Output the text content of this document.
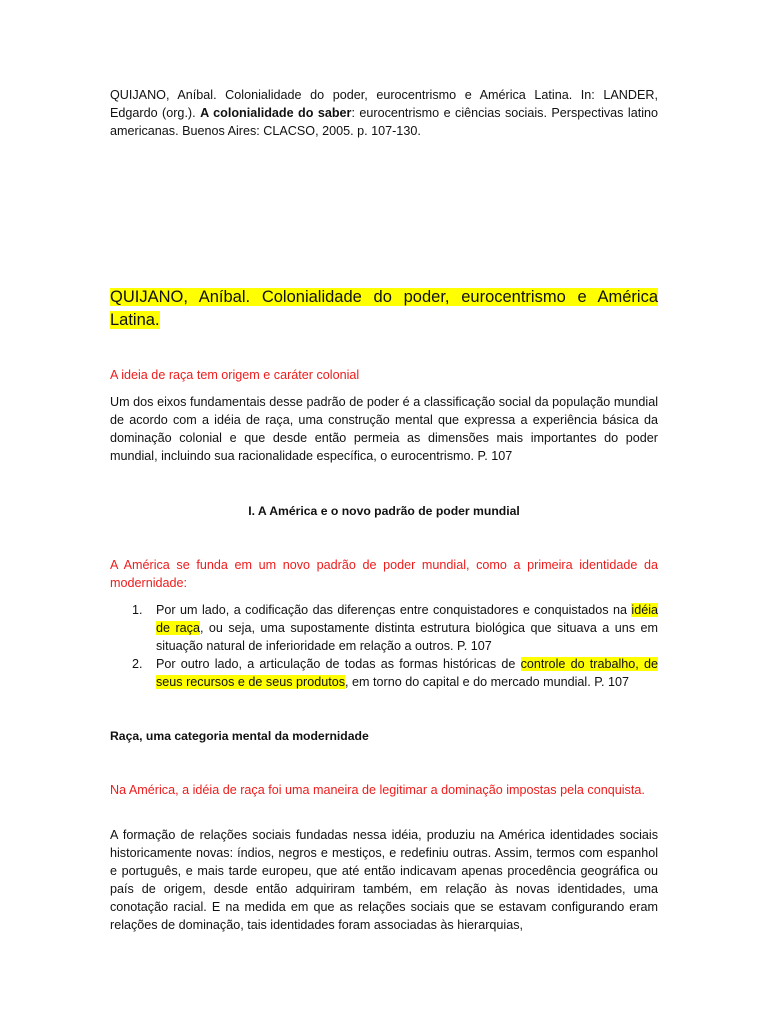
QUIJANO, Aníbal. Colonialidade do poder, eurocentrismo e América Latina. In: LANDER, Edgardo (org.). A colonialidade do saber: eurocentrismo e ciências sociais. Perspectivas latino americanas. Buenos Aires: CLACSO, 2005. p. 107-130.

QUIJANO, Aníbal. Colonialidade do poder, eurocentrismo e América Latina.

A ideia de raça tem origem e caráter colonial

Um dos eixos fundamentais desse padrão de poder é a classificação social da população mundial de acordo com a idéia de raça, uma construção mental que expressa a experiência básica da dominação colonial e que desde então permeia as dimensões mais importantes do poder mundial, incluindo sua racionalidade específica, o eurocentrismo. P. 107

I. A América e o novo padrão de poder mundial

A América se funda em um novo padrão de poder mundial, como a primeira identidade da modernidade:

1. Por um lado, a codificação das diferenças entre conquistadores e conquistados na idéia de raça, ou seja, uma supostamente distinta estrutura biológica que situava a uns em situação natural de inferioridade em relação a outros. P. 107
2. Por outro lado, a articulação de todas as formas históricas de controle do trabalho, de seus recursos e de seus produtos, em torno do capital e do mercado mundial. P. 107

Raça, uma categoria mental da modernidade

Na América, a idéia de raça foi uma maneira de legitimar a dominação impostas pela conquista.

A formação de relações sociais fundadas nessa idéia, produziu na América identidades sociais historicamente novas: índios, negros e mestiços, e redefiniu outras. Assim, termos com espanhol e português, e mais tarde europeu, que até então indicavam apenas procedência geográfica ou país de origem, desde então adquiriram também, em relação às novas identidades, uma conotação racial. E na medida em que as relações sociais que se estavam configurando eram relações de dominação, tais identidades foram associadas às hierarquias,
